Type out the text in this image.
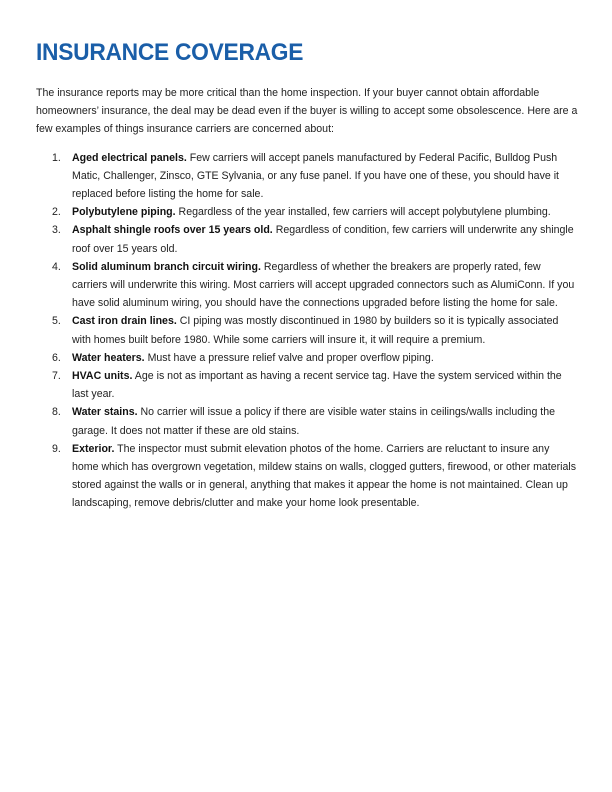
INSURANCE COVERAGE

The insurance reports may be more critical than the home inspection. If your buyer cannot obtain affordable homeowners’ insurance, the deal may be dead even if the buyer is willing to accept some obsolescence. Here are a few examples of things insurance carriers are concerned about:

1. Aged electrical panels. Few carriers will accept panels manufactured by Federal Pacific, Bulldog Push Matic, Challenger, Zinsco, GTE Sylvania, or any fuse panel. If you have one of these, you should have it replaced before listing the home for sale.
2. Polybutylene piping. Regardless of the year installed, few carriers will accept polybutylene plumbing.
3. Asphalt shingle roofs over 15 years old. Regardless of condition, few carriers will underwrite any shingle roof over 15 years old.
4. Solid aluminum branch circuit wiring. Regardless of whether the breakers are properly rated, few carriers will underwrite this wiring. Most carriers will accept upgraded connectors such as AlumiConn. If you have solid aluminum wiring, you should have the connections upgraded before listing the home for sale.
5. Cast iron drain lines. CI piping was mostly discontinued in 1980 by builders so it is typically associated with homes built before 1980. While some carriers will insure it, it will require a premium.
6. Water heaters. Must have a pressure relief valve and proper overflow piping.
7. HVAC units. Age is not as important as having a recent service tag. Have the system serviced within the last year.
8. Water stains. No carrier will issue a policy if there are visible water stains in ceilings/walls including the garage. It does not matter if these are old stains.
9. Exterior. The inspector must submit elevation photos of the home. Carriers are reluctant to insure any home which has overgrown vegetation, mildew stains on walls, clogged gutters, firewood, or other materials stored against the walls or in general, anything that makes it appear the home is not maintained. Clean up landscaping, remove debris/clutter and make your home look presentable.
